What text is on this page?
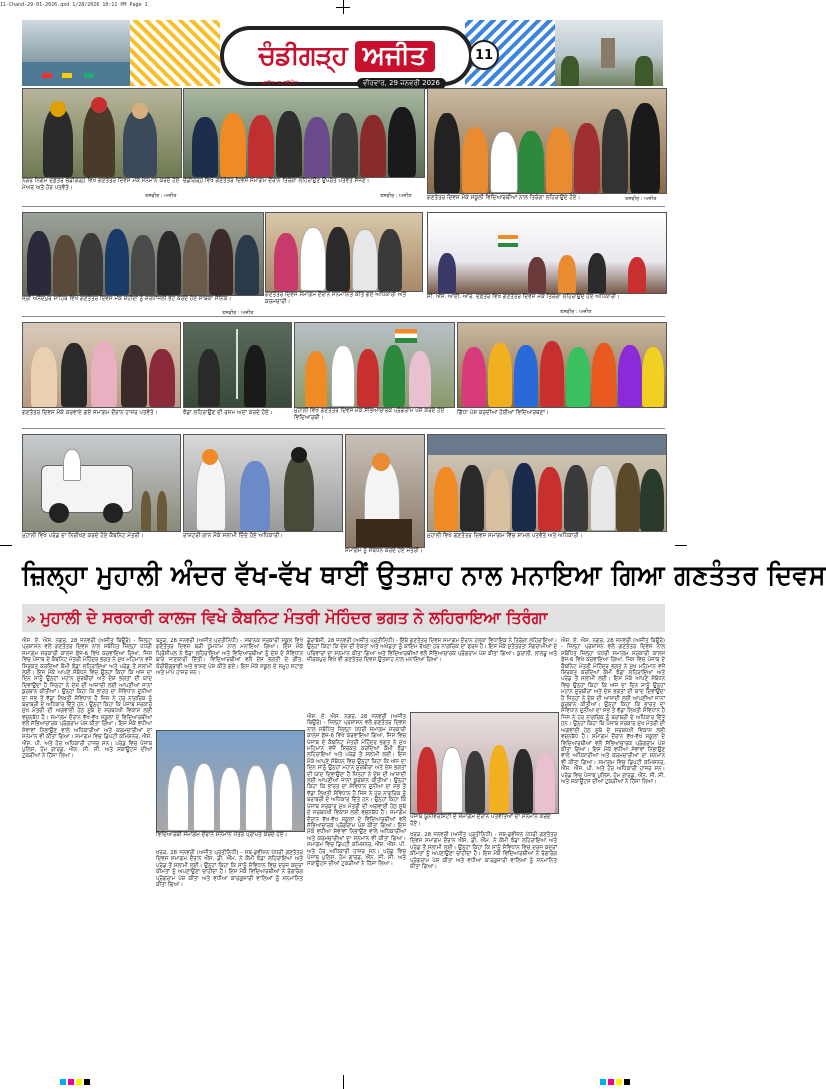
11-Chand-29-01-2026.qxd 1/28/2026 10:11 PM Page 1
ਚੰਡੀਗੜ੍ਹ ਅਜੀਤ
ਅਜੀਤ ਸਪਲੀਮੈਂਟ	ਵੀਰਵਾਰ, 29 ਜਨਵਰੀ 2026
11
ਨਗਰ ਨਿਗਮ ਦਫ਼ਤਰ ਚੰਡੀਗੜ੍ਹ ਵਿਖੇ ਗਣਤੰਤਰ ਦਿਵਸ ਮੌਕੇ ਸਨਮਾਨ ਕਰਦੇ ਹੋਏ ਮੇਅਰ ਅਤੇ ਹੋਰ ਪਤਵੰਤੇ।
ਤਸਵੀਰ : ਅਜੀਤ
ਚੰਡੀਗੜ੍ਹ ਵਿਖੇ ਗਣਤੰਤਰ ਦਿਵਸ ਸਮਾਗਮ ਦੌਰਾਨ ਤਿਰੰਗਾ ਲਹਿਰਾਉਣ ਉਪਰੰਤ ਪਤਵੰਤੇ ਸੱਜਣ।
ਤਸਵੀਰ : ਅਜੀਤ	ਗਣਤੰਤਰ ਦਿਵਸ ਮੌਕੇ ਸਕੂਲੀ ਵਿਦਿਆਰਥੀਆਂ ਨਾਲ ਤਿਰੰਗਾ ਲਹਿਰਾਉਂਦੇ ਹੋਏ।	ਤਸਵੀਰ : ਅਜੀਤ
ਸ੍ਰੀ ਅਨੰਦਪੁਰ ਸਾਹਿਬ ਵਿਖੇ ਗਣਤੰਤਰ ਦਿਵਸ ਮੌਕੇ ਸ਼ਹੀਦਾਂ ਨੂੰ ਸ਼ਰਧਾਂਜਲੀ ਭੇਟ ਕਰਦੇ ਹੋਏ ਸਾਬਕਾ ਸੈਨਿਕ।
ਤਸਵੀਰ : ਅਜੀਤ
ਗਣਤੰਤਰ ਦਿਵਸ ਸਮਾਗਮ ਦੌਰਾਨ ਸਨਮਾਨਿਤ ਕੀਤੇ ਗਏ ਅਧਿਕਾਰੀ ਅਤੇ ਕਰਮਚਾਰੀ।
ਸੀ. ਐੱਸ. ਆਈ. ਆਰ. ਦਫ਼ਤਰ ਵਿਖੇ ਗਣਤੰਤਰ ਦਿਵਸ ਮੌਕੇ ਤਿਰੰਗਾ ਲਹਿਰਾਉਂਦੇ ਹੋਏ ਅਧਿਕਾਰੀ।
ਤਸਵੀਰ : ਅਜੀਤ
ਗਣਤੰਤਰ ਦਿਵਸ ਮੌਕੇ ਕਰਵਾਏ ਗਏ ਸਮਾਗਮ ਦੌਰਾਨ ਹਾਜ਼ਰ ਪਤਵੰਤੇ।	ਝੰਡਾ ਲਹਿਰਾਉਣ ਦੀ ਰਸਮ ਅਦਾ ਕਰਦੇ ਹੋਏ।	ਮੁਹਾਲੀ ਵਿਖੇ ਗਣਤੰਤਰ ਦਿਵਸ ਮੌਕੇ ਸੱਭਿਆਚਾਰਕ ਪ੍ਰੋਗਰਾਮ ਪੇਸ਼ ਕਰਦੇ ਹੋਏ ਵਿਦਿਆਰਥੀ।
ਗਿੱਧਾ ਪੇਸ਼ ਕਰਦੀਆਂ ਹੋਈਆਂ ਵਿਦਿਆਰਥਣਾਂ।
ਮੁਹਾਲੀ ਵਿਖੇ ਪਰੇਡ ਦਾ ਨਿਰੀਖਣ ਕਰਦੇ ਹੋਏ ਕੈਬਨਿਟ ਮੰਤਰੀ।	ਰਾਸ਼ਟਰੀ ਗਾਨ ਮੌਕੇ ਸਲਾਮੀ ਦਿੰਦੇ ਹੋਏ ਅਧਿਕਾਰੀ।
ਸਮਾਗਮ ਨੂੰ ਸੰਬੋਧਨ ਕਰਦੇ ਹੋਏ ਮੰਤਰੀ।
ਮੁਹਾਲੀ ਵਿਖੇ ਗਣਤੰਤਰ ਦਿਵਸ ਸਮਾਗਮ ਵਿੱਚ ਸ਼ਾਮਲ ਪਤਵੰਤੇ ਅਤੇ ਅਧਿਕਾਰੀ।
ਜ਼ਿਲ੍ਹਾ ਮੁਹਾਲੀ ਅੰਦਰ ਵੱਖ-ਵੱਖ ਥਾਈਂ ਉਤਸ਼ਾਹ ਨਾਲ ਮਨਾਇਆ ਗਿਆ ਗਣਤੰਤਰ ਦਿਵਸ
» ਮੁਹਾਲੀ ਦੇ ਸਰਕਾਰੀ ਕਾਲਜ ਵਿਖੇ ਕੈਬਨਿਟ ਮੰਤਰੀ ਮੋਹਿੰਦਰ ਭਗਤ ਨੇ ਲਹਿਰਾਇਆ ਤਿਰੰਗਾ
ਐਸ. ਏ. ਐਸ. ਨਗਰ, 28 ਜਨਵਰੀ (ਅਜੀਤ ਬਿਊਰੋ) - ਜ਼ਿਲ੍ਹਾ ਪ੍ਰਸ਼ਾਸਨ ਵਲੋਂ ਗਣਤੰਤਰ ਦਿਵਸ ਨਾਲ ਸਬੰਧਿਤ ਜ਼ਿਲ੍ਹਾ ਪੱਧਰੀ ਸਮਾਗਮ ਸਰਕਾਰੀ ਕਾਲਜ ਫੇਜ਼-6 ਵਿਖੇ ਕਰਵਾਇਆ ਗਿਆ, ਜਿਸ ਵਿਚ ਪੰਜਾਬ ਦੇ ਕੈਬਨਿਟ ਮੰਤਰੀ ਮੋਹਿੰਦਰ ਭਗਤ ਨੇ ਮੁੱਖ ਮਹਿਮਾਨ ਵਜੋਂ ਸ਼ਿਰਕਤ ਕਰਦਿਆਂ ਕੌਮੀ ਝੰਡਾ ਲਹਿਰਾਇਆ ਅਤੇ ਪਰੇਡ ਤੋਂ ਸਲਾਮੀ ਲਈ। ਇਸ ਮੌਕੇ ਆਪਣੇ ਸੰਬੋਧਨ ਵਿਚ ਉਨ੍ਹਾਂ ਕਿਹਾ ਕਿ ਅੱਜ ਦਾ ਦਿਨ ਸਾਨੂੰ ਉਨ੍ਹਾਂ ਮਹਾਨ ਸੂਰਬੀਰਾਂ ਅਤੇ ਦੇਸ਼ ਭਗਤਾਂ ਦੀ ਯਾਦ ਦਿਵਾਉਂਦਾ ਹੈ ਜਿਨ੍ਹਾਂ ਨੇ ਦੇਸ਼ ਦੀ ਆਜ਼ਾਦੀ ਲਈ ਆਪਣੀਆਂ ਜਾਨਾਂ ਕੁਰਬਾਨ ਕੀਤੀਆਂ। ਉਨ੍ਹਾਂ ਕਿਹਾ ਕਿ ਭਾਰਤ ਦਾ ਸੰਵਿਧਾਨ ਦੁਨੀਆ ਦਾ ਸਭ ਤੋਂ ਵੱਡਾ ਲਿਖਤੀ ਸੰਵਿਧਾਨ ਹੈ ਜਿਸ ਨੇ ਹਰ ਨਾਗਰਿਕ ਨੂੰ ਬਰਾਬਰੀ ਦੇ ਅਧਿਕਾਰ ਦਿੱਤੇ ਹਨ। ਉਨ੍ਹਾਂ ਕਿਹਾ ਕਿ ਪੰਜਾਬ ਸਰਕਾਰ ਮੁੱਖ ਮੰਤਰੀ ਦੀ ਅਗਵਾਈ ਹੇਠ ਸੂਬੇ ਦੇ ਸਰਬਪੱਖੀ ਵਿਕਾਸ ਲਈ ਵਚਨਬੱਧ ਹੈ। ਸਮਾਗਮ ਦੌਰਾਨ ਵੱਖ-ਵੱਖ ਸਕੂਲਾਂ ਦੇ ਵਿਦਿਆਰਥੀਆਂ ਵਲੋਂ ਸੱਭਿਆਚਾਰਕ ਪ੍ਰੋਗਰਾਮ ਪੇਸ਼ ਕੀਤਾ ਗਿਆ। ਇਸ ਮੌਕੇ ਵਧੀਆ ਸੇਵਾਵਾਂ ਨਿਭਾਉਣ ਵਾਲੇ ਅਧਿਕਾਰੀਆਂ ਅਤੇ ਕਰਮਚਾਰੀਆਂ ਦਾ ਸਨਮਾਨ ਵੀ ਕੀਤਾ ਗਿਆ। ਸਮਾਗਮ ਵਿਚ ਡਿਪਟੀ ਕਮਿਸ਼ਨਰ, ਐੱਸ. ਐੱਸ. ਪੀ. ਅਤੇ ਹੋਰ ਅਧਿਕਾਰੀ ਹਾਜ਼ਰ ਸਨ। ਪਰੇਡ ਵਿਚ ਪੰਜਾਬ ਪੁਲਿਸ, ਹੋਮ ਗਾਰਡ, ਐੱਨ. ਸੀ. ਸੀ. ਅਤੇ ਸਕਾਊਟਸ ਦੀਆਂ ਟੁਕੜੀਆਂ ਨੇ ਹਿੱਸਾ ਲਿਆ।
ਬਨੂੜ, 28 ਜਨਵਰੀ (ਅਜੀਤ ਪ੍ਰਤੀਨਿਧੀ) - ਸਥਾਨਕ ਸਰਕਾਰੀ ਸਕੂਲ ਵਿਖੇ ਗਣਤੰਤਰ ਦਿਵਸ ਬੜੀ ਧੂਮਧਾਮ ਨਾਲ ਮਨਾਇਆ ਗਿਆ। ਇਸ ਮੌਕੇ ਪ੍ਰਿੰਸੀਪਲ ਨੇ ਝੰਡਾ ਲਹਿਰਾਇਆ ਅਤੇ ਵਿਦਿਆਰਥੀਆਂ ਨੂੰ ਦੇਸ਼ ਦੇ ਸੰਵਿਧਾਨ ਬਾਰੇ ਜਾਣਕਾਰੀ ਦਿੱਤੀ। ਵਿਦਿਆਰਥੀਆਂ ਵਲੋਂ ਦੇਸ਼ ਭਗਤੀ ਦੇ ਗੀਤ, ਕੋਰੀਓਗ੍ਰਾਫੀ ਅਤੇ ਭਾਸ਼ਣ ਪੇਸ਼ ਕੀਤੇ ਗਏ। ਇਸ ਮੌਕੇ ਸਕੂਲ ਦੇ ਸਮੂਹ ਸਟਾਫ਼ ਅਤੇ ਮਾਪੇ ਹਾਜ਼ਰ ਸਨ।
ਵਿਦਿਆਰਥੀ ਸਮਾਗਮ ਦੌਰਾਨ ਸਨਮਾਨ ਪੱਤਰ ਪ੍ਰਾਪਤ ਕਰਦੇ ਹੋਏ।
ਖਰੜ, 28 ਜਨਵਰੀ (ਅਜੀਤ ਪ੍ਰਤੀਨਿਧੀ) - ਸਬ-ਡਵੀਜ਼ਨ ਪੱਧਰੀ ਗਣਤੰਤਰ ਦਿਵਸ ਸਮਾਗਮ ਦੌਰਾਨ ਐੱਸ. ਡੀ. ਐੱਮ. ਨੇ ਕੌਮੀ ਝੰਡਾ ਲਹਿਰਾਇਆ ਅਤੇ ਪਰੇਡ ਤੋਂ ਸਲਾਮੀ ਲਈ। ਉਨ੍ਹਾਂ ਕਿਹਾ ਕਿ ਸਾਨੂੰ ਸੰਵਿਧਾਨ ਵਿਚ ਦਰਜ ਕਦਰਾਂ ਕੀਮਤਾਂ ਨੂੰ ਅਪਣਾਉਣਾ ਚਾਹੀਦਾ ਹੈ। ਇਸ ਮੌਕੇ ਵਿਦਿਆਰਥੀਆਂ ਨੇ ਰੰਗਾਰੰਗ ਪ੍ਰੋਗਰਾਮ ਪੇਸ਼ ਕੀਤਾ ਅਤੇ ਵਧੀਆ ਕਾਰਗੁਜ਼ਾਰੀ ਵਾਲਿਆਂ ਨੂੰ ਸਨਮਾਨਿਤ ਕੀਤਾ ਗਿਆ।
ਡੇਰਾਬੱਸੀ, 28 ਜਨਵਰੀ (ਅਜੀਤ ਪ੍ਰਤੀਨਿਧੀ) - ਇੱਥੇ ਗਣਤੰਤਰ ਦਿਵਸ ਸਮਾਗਮ ਦੌਰਾਨ ਹਲਕਾ ਵਿਧਾਇਕ ਨੇ ਤਿਰੰਗਾ ਲਹਿਰਾਇਆ। ਉਨ੍ਹਾਂ ਕਿਹਾ ਕਿ ਦੇਸ਼ ਦੀ ਏਕਤਾ ਅਤੇ ਅਖੰਡਤਾ ਨੂੰ ਕਾਇਮ ਰੱਖਣਾ ਹਰ ਨਾਗਰਿਕ ਦਾ ਫਰਜ਼ ਹੈ। ਇਸ ਮੌਕੇ ਸੁਤੰਤਰਤਾ ਸੰਗਰਾਮੀਆਂ ਦੇ ਪਰਿਵਾਰਾਂ ਦਾ ਸਨਮਾਨ ਕੀਤਾ ਗਿਆ ਅਤੇ ਵਿਦਿਆਰਥੀਆਂ ਵਲੋਂ ਸੱਭਿਆਚਾਰਕ ਪ੍ਰੋਗਰਾਮ ਪੇਸ਼ ਕੀਤਾ ਗਿਆ। ਕੁਰਾਲੀ, ਲਾਲੜੂ ਅਤੇ ਜ਼ੀਰਕਪੁਰ ਵਿਖੇ ਵੀ ਗਣਤੰਤਰ ਦਿਵਸ ਉਤਸ਼ਾਹ ਨਾਲ ਮਨਾਇਆ ਗਿਆ।
ਪੰਜਾਬ ਯੂਨੀਵਰਸਿਟੀ ਦੇ ਸਮਾਗਮ ਦੌਰਾਨ ਪਤਵੰਤਿਆਂ ਦਾ ਸਨਮਾਨ ਕਰਦੇ ਹੋਏ।
ਐਸ. ਏ. ਐਸ. ਨਗਰ, 28 ਜਨਵਰੀ (ਅਜੀਤ ਬਿਊਰੋ) - ਜ਼ਿਲ੍ਹਾ ਪ੍ਰਸ਼ਾਸਨ ਵਲੋਂ ਗਣਤੰਤਰ ਦਿਵਸ ਨਾਲ ਸਬੰਧਿਤ ਜ਼ਿਲ੍ਹਾ ਪੱਧਰੀ ਸਮਾਗਮ ਸਰਕਾਰੀ ਕਾਲਜ ਫੇਜ਼-6 ਵਿਖੇ ਕਰਵਾਇਆ ਗਿਆ, ਜਿਸ ਵਿਚ ਪੰਜਾਬ ਦੇ ਕੈਬਨਿਟ ਮੰਤਰੀ ਮੋਹਿੰਦਰ ਭਗਤ ਨੇ ਮੁੱਖ ਮਹਿਮਾਨ ਵਜੋਂ ਸ਼ਿਰਕਤ ਕਰਦਿਆਂ ਕੌਮੀ ਝੰਡਾ ਲਹਿਰਾਇਆ ਅਤੇ ਪਰੇਡ ਤੋਂ ਸਲਾਮੀ ਲਈ। ਇਸ ਮੌਕੇ ਆਪਣੇ ਸੰਬੋਧਨ ਵਿਚ ਉਨ੍ਹਾਂ ਕਿਹਾ ਕਿ ਅੱਜ ਦਾ ਦਿਨ ਸਾਨੂੰ ਉਨ੍ਹਾਂ ਮਹਾਨ ਸੂਰਬੀਰਾਂ ਅਤੇ ਦੇਸ਼ ਭਗਤਾਂ ਦੀ ਯਾਦ ਦਿਵਾਉਂਦਾ ਹੈ ਜਿਨ੍ਹਾਂ ਨੇ ਦੇਸ਼ ਦੀ ਆਜ਼ਾਦੀ ਲਈ ਆਪਣੀਆਂ ਜਾਨਾਂ ਕੁਰਬਾਨ ਕੀਤੀਆਂ। ਉਨ੍ਹਾਂ ਕਿਹਾ ਕਿ ਭਾਰਤ ਦਾ ਸੰਵਿਧਾਨ ਦੁਨੀਆ ਦਾ ਸਭ ਤੋਂ ਵੱਡਾ ਲਿਖਤੀ ਸੰਵਿਧਾਨ ਹੈ ਜਿਸ ਨੇ ਹਰ ਨਾਗਰਿਕ ਨੂੰ ਬਰਾਬਰੀ ਦੇ ਅਧਿਕਾਰ ਦਿੱਤੇ ਹਨ। ਉਨ੍ਹਾਂ ਕਿਹਾ ਕਿ ਪੰਜਾਬ ਸਰਕਾਰ ਮੁੱਖ ਮੰਤਰੀ ਦੀ ਅਗਵਾਈ ਹੇਠ ਸੂਬੇ ਦੇ ਸਰਬਪੱਖੀ ਵਿਕਾਸ ਲਈ ਵਚਨਬੱਧ ਹੈ। ਸਮਾਗਮ ਦੌਰਾਨ ਵੱਖ-ਵੱਖ ਸਕੂਲਾਂ ਦੇ ਵਿਦਿਆਰਥੀਆਂ ਵਲੋਂ ਸੱਭਿਆਚਾਰਕ ਪ੍ਰੋਗਰਾਮ ਪੇਸ਼ ਕੀਤਾ ਗਿਆ। ਇਸ ਮੌਕੇ ਵਧੀਆ ਸੇਵਾਵਾਂ ਨਿਭਾਉਣ ਵਾਲੇ ਅਧਿਕਾਰੀਆਂ ਅਤੇ ਕਰਮਚਾਰੀਆਂ ਦਾ ਸਨਮਾਨ ਵੀ ਕੀਤਾ ਗਿਆ। ਸਮਾਗਮ ਵਿਚ ਡਿਪਟੀ ਕਮਿਸ਼ਨਰ, ਐੱਸ. ਐੱਸ. ਪੀ. ਅਤੇ ਹੋਰ ਅਧਿਕਾਰੀ ਹਾਜ਼ਰ ਸਨ। ਪਰੇਡ ਵਿਚ ਪੰਜਾਬ ਪੁਲਿਸ, ਹੋਮ ਗਾਰਡ, ਐੱਨ. ਸੀ. ਸੀ. ਅਤੇ ਸਕਾਊਟਸ ਦੀਆਂ ਟੁਕੜੀਆਂ ਨੇ ਹਿੱਸਾ ਲਿਆ।
ਖਰੜ, 28 ਜਨਵਰੀ (ਅਜੀਤ ਪ੍ਰਤੀਨਿਧੀ) - ਸਬ-ਡਵੀਜ਼ਨ ਪੱਧਰੀ ਗਣਤੰਤਰ ਦਿਵਸ ਸਮਾਗਮ ਦੌਰਾਨ ਐੱਸ. ਡੀ. ਐੱਮ. ਨੇ ਕੌਮੀ ਝੰਡਾ ਲਹਿਰਾਇਆ ਅਤੇ ਪਰੇਡ ਤੋਂ ਸਲਾਮੀ ਲਈ। ਉਨ੍ਹਾਂ ਕਿਹਾ ਕਿ ਸਾਨੂੰ ਸੰਵਿਧਾਨ ਵਿਚ ਦਰਜ ਕਦਰਾਂ ਕੀਮਤਾਂ ਨੂੰ ਅਪਣਾਉਣਾ ਚਾਹੀਦਾ ਹੈ। ਇਸ ਮੌਕੇ ਵਿਦਿਆਰਥੀਆਂ ਨੇ ਰੰਗਾਰੰਗ ਪ੍ਰੋਗਰਾਮ ਪੇਸ਼ ਕੀਤਾ ਅਤੇ ਵਧੀਆ ਕਾਰਗੁਜ਼ਾਰੀ ਵਾਲਿਆਂ ਨੂੰ ਸਨਮਾਨਿਤ ਕੀਤਾ ਗਿਆ।
ਐਸ. ਏ. ਐਸ. ਨਗਰ, 28 ਜਨਵਰੀ (ਅਜੀਤ ਬਿਊਰੋ) - ਜ਼ਿਲ੍ਹਾ ਪ੍ਰਸ਼ਾਸਨ ਵਲੋਂ ਗਣਤੰਤਰ ਦਿਵਸ ਨਾਲ ਸਬੰਧਿਤ ਜ਼ਿਲ੍ਹਾ ਪੱਧਰੀ ਸਮਾਗਮ ਸਰਕਾਰੀ ਕਾਲਜ ਫੇਜ਼-6 ਵਿਖੇ ਕਰਵਾਇਆ ਗਿਆ, ਜਿਸ ਵਿਚ ਪੰਜਾਬ ਦੇ ਕੈਬਨਿਟ ਮੰਤਰੀ ਮੋਹਿੰਦਰ ਭਗਤ ਨੇ ਮੁੱਖ ਮਹਿਮਾਨ ਵਜੋਂ ਸ਼ਿਰਕਤ ਕਰਦਿਆਂ ਕੌਮੀ ਝੰਡਾ ਲਹਿਰਾਇਆ ਅਤੇ ਪਰੇਡ ਤੋਂ ਸਲਾਮੀ ਲਈ। ਇਸ ਮੌਕੇ ਆਪਣੇ ਸੰਬੋਧਨ ਵਿਚ ਉਨ੍ਹਾਂ ਕਿਹਾ ਕਿ ਅੱਜ ਦਾ ਦਿਨ ਸਾਨੂੰ ਉਨ੍ਹਾਂ ਮਹਾਨ ਸੂਰਬੀਰਾਂ ਅਤੇ ਦੇਸ਼ ਭਗਤਾਂ ਦੀ ਯਾਦ ਦਿਵਾਉਂਦਾ ਹੈ ਜਿਨ੍ਹਾਂ ਨੇ ਦੇਸ਼ ਦੀ ਆਜ਼ਾਦੀ ਲਈ ਆਪਣੀਆਂ ਜਾਨਾਂ ਕੁਰਬਾਨ ਕੀਤੀਆਂ। ਉਨ੍ਹਾਂ ਕਿਹਾ ਕਿ ਭਾਰਤ ਦਾ ਸੰਵਿਧਾਨ ਦੁਨੀਆ ਦਾ ਸਭ ਤੋਂ ਵੱਡਾ ਲਿਖਤੀ ਸੰਵਿਧਾਨ ਹੈ ਜਿਸ ਨੇ ਹਰ ਨਾਗਰਿਕ ਨੂੰ ਬਰਾਬਰੀ ਦੇ ਅਧਿਕਾਰ ਦਿੱਤੇ ਹਨ। ਉਨ੍ਹਾਂ ਕਿਹਾ ਕਿ ਪੰਜਾਬ ਸਰਕਾਰ ਮੁੱਖ ਮੰਤਰੀ ਦੀ ਅਗਵਾਈ ਹੇਠ ਸੂਬੇ ਦੇ ਸਰਬਪੱਖੀ ਵਿਕਾਸ ਲਈ ਵਚਨਬੱਧ ਹੈ। ਸਮਾਗਮ ਦੌਰਾਨ ਵੱਖ-ਵੱਖ ਸਕੂਲਾਂ ਦੇ ਵਿਦਿਆਰਥੀਆਂ ਵਲੋਂ ਸੱਭਿਆਚਾਰਕ ਪ੍ਰੋਗਰਾਮ ਪੇਸ਼ ਕੀਤਾ ਗਿਆ। ਇਸ ਮੌਕੇ ਵਧੀਆ ਸੇਵਾਵਾਂ ਨਿਭਾਉਣ ਵਾਲੇ ਅਧਿਕਾਰੀਆਂ ਅਤੇ ਕਰਮਚਾਰੀਆਂ ਦਾ ਸਨਮਾਨ ਵੀ ਕੀਤਾ ਗਿਆ। ਸਮਾਗਮ ਵਿਚ ਡਿਪਟੀ ਕਮਿਸ਼ਨਰ, ਐੱਸ. ਐੱਸ. ਪੀ. ਅਤੇ ਹੋਰ ਅਧਿਕਾਰੀ ਹਾਜ਼ਰ ਸਨ। ਪਰੇਡ ਵਿਚ ਪੰਜਾਬ ਪੁਲਿਸ, ਹੋਮ ਗਾਰਡ, ਐੱਨ. ਸੀ. ਸੀ. ਅਤੇ ਸਕਾਊਟਸ ਦੀਆਂ ਟੁਕੜੀਆਂ ਨੇ ਹਿੱਸਾ ਲਿਆ।
